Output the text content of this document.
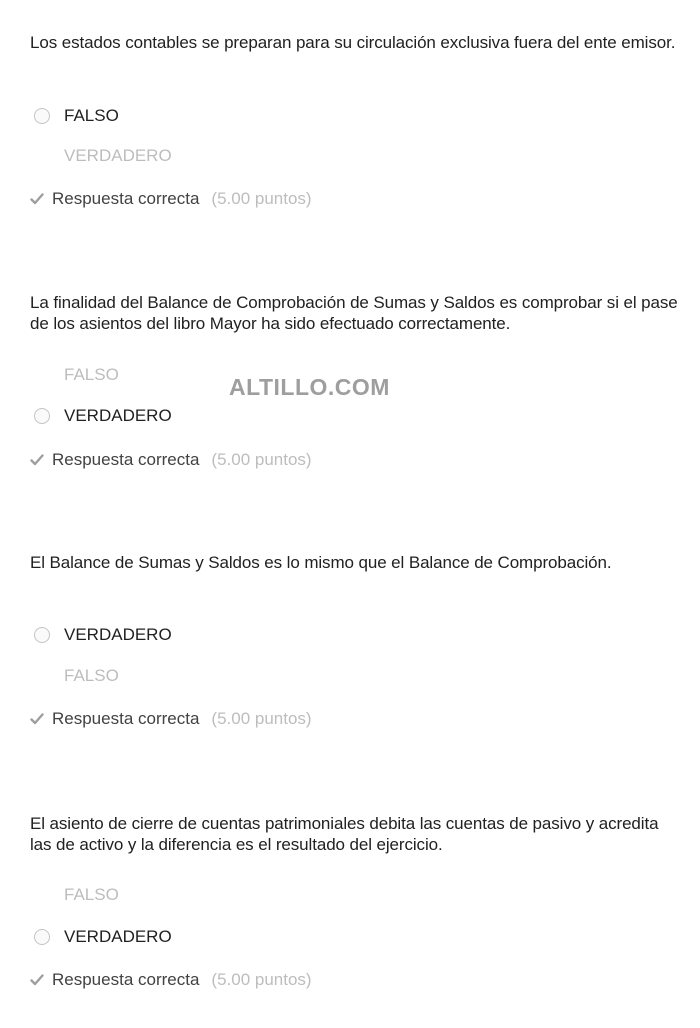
Los estados contables se preparan para su circulación exclusiva fuera del ente emisor.

FALSO
VERDADERO
Respuesta correcta (5.00 puntos)

La finalidad del Balance de Comprobación de Sumas y Saldos es comprobar si el pase de los asientos del libro Mayor ha sido efectuado correctamente.

FALSO
VERDADERO
Respuesta correcta (5.00 puntos)
ALTILLO.COM

El Balance de Sumas y Saldos es lo mismo que el Balance de Comprobación.

VERDADERO
FALSO
Respuesta correcta (5.00 puntos)

El asiento de cierre de cuentas patrimoniales debita las cuentas de pasivo y acredita las de activo y la diferencia es el resultado del ejercicio.

FALSO
VERDADERO
Respuesta correcta (5.00 puntos)
